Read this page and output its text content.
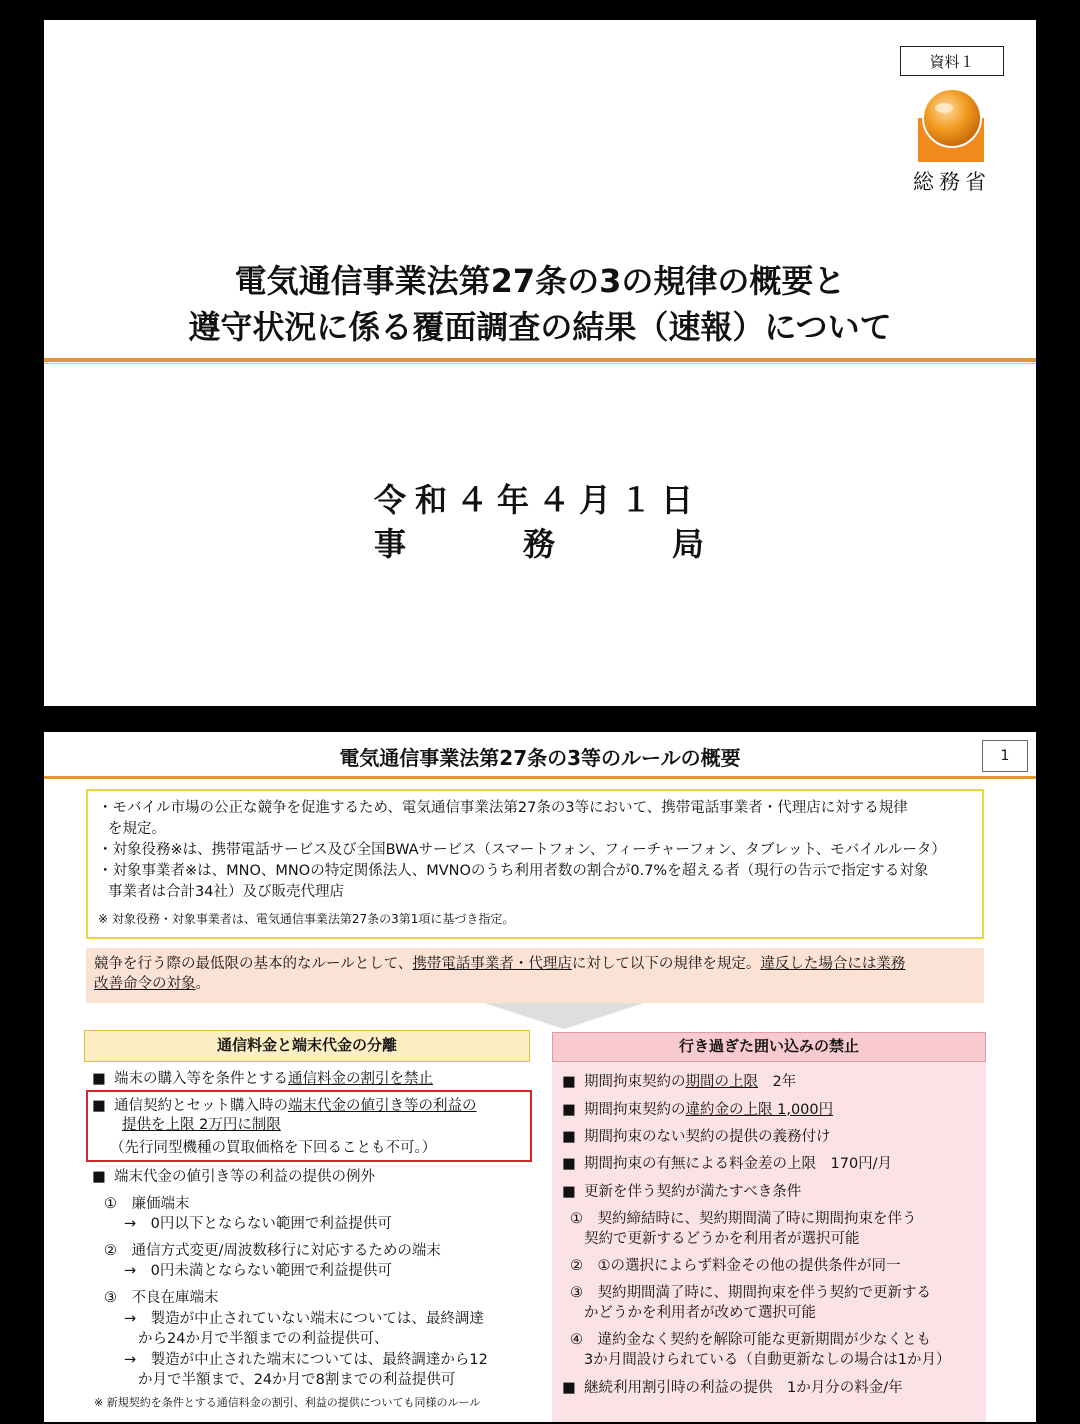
資料１
総務省
電気通信事業法第27条の3の規律の概要と
遵守状況に係る覆面調査の結果（速報）について
令和４年４月１日
事	務	局
電気通信事業法第27条の3等のルールの概要	1

・モバイル市場の公正な競争を促進するため、電気通信事業法第27条の3等において、携帯電話事業者・代理店に対する規律

を規定。

・対象役務※は、携帯電話サービス及び全国BWAサービス（スマートフォン、フィーチャーフォン、タブレット、モバイルルータ）

・対象事業者※は、MNO、MNOの特定関係法人、MVNOのうち利用者数の割合が0.7%を超える者（現行の告示で指定する対象

事業者は合計34社）及び販売代理店

※ 対象役務・対象事業者は、電気通信事業法第27条の3第1項に基づき指定。

競争を行う際の最低限の基本的なルールとして、携帯電話事業者・代理店に対して以下の規律を規定。違反した場合には業務
改善命令の対象。
通信料金と端末代金の分離
■ 端末の購入等を条件とする通信料金の割引を禁止
■ 通信契約とセット購入時の端末代金の値引き等の利益の
提供を上限 2万円に制限
（先行同型機種の買取価格を下回ることも不可。）
■ 端末代金の値引き等の利益の提供の例外
①　廉価端末
→　0円以下とならない範囲で利益提供可
②　通信方式変更/周波数移行に対応するための端末
→　0円未満とならない範囲で利益提供可
③　不良在庫端末
→　製造が中止されていない端末については、最終調達
から24か月で半額までの利益提供可、
→　製造が中止された端末については、最終調達から12
か月で半額まで、24か月で8割までの利益提供可
※ 新規契約を条件とする通信料金の割引、利益の提供についても同様のルール
行き過ぎた囲い込みの禁止
■ 期間拘束契約の期間の上限　2年
■ 期間拘束契約の違約金の上限 1,000円
■ 期間拘束のない契約の提供の義務付け
■ 期間拘束の有無による料金差の上限　170円/月
■ 更新を伴う契約が満たすべき条件
①　契約締結時に、契約期間満了時に期間拘束を伴う
契約で更新するどうかを利用者が選択可能
②　①の選択によらず料金その他の提供条件が同一
③　契約期間満了時に、期間拘束を伴う契約で更新する
かどうかを利用者が改めて選択可能
④　違約金なく契約を解除可能な更新期間が少なくとも
3か月間設けられている（自動更新なしの場合は1か月）
■ 継続利用割引時の利益の提供　1か月分の料金/年
